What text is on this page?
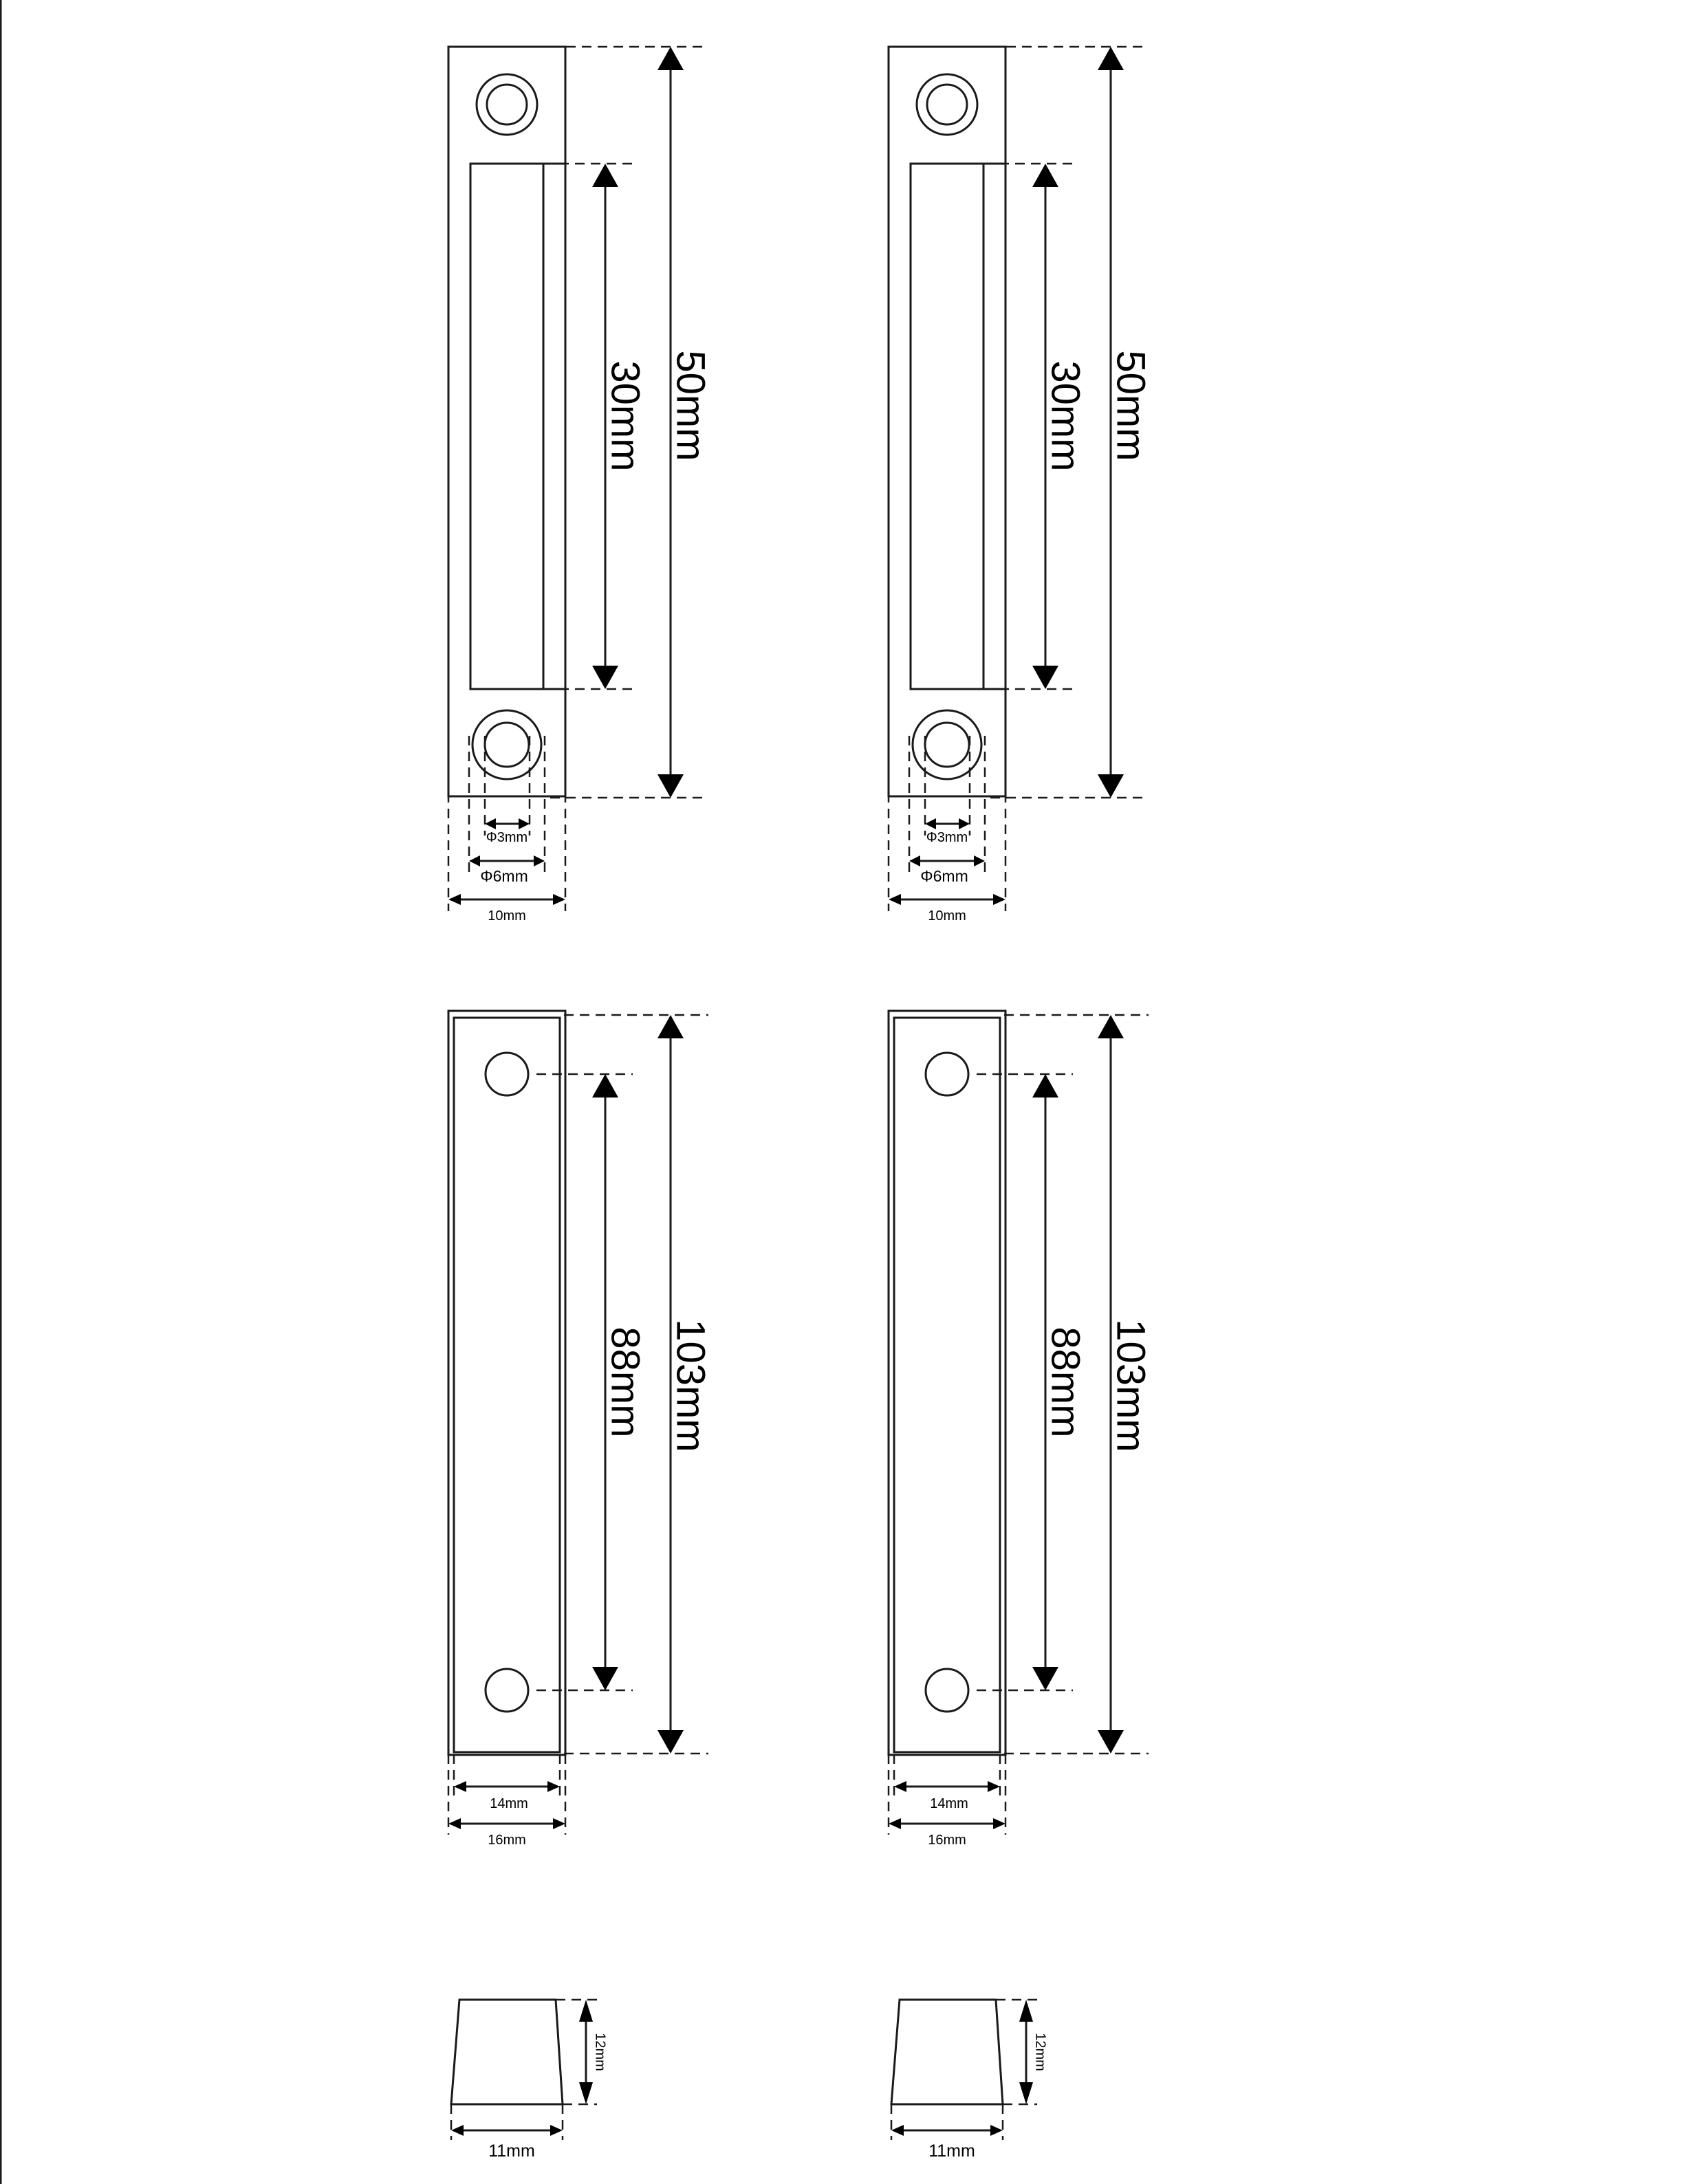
50mm
30mm
Φ3mm
Φ6mm
10mm
103mm
88mm
14mm
16mm
12mm
11mm
50mm
30mm
Φ3mm
Φ6mm
10mm
103mm
88mm
14mm
16mm
12mm
11mm
